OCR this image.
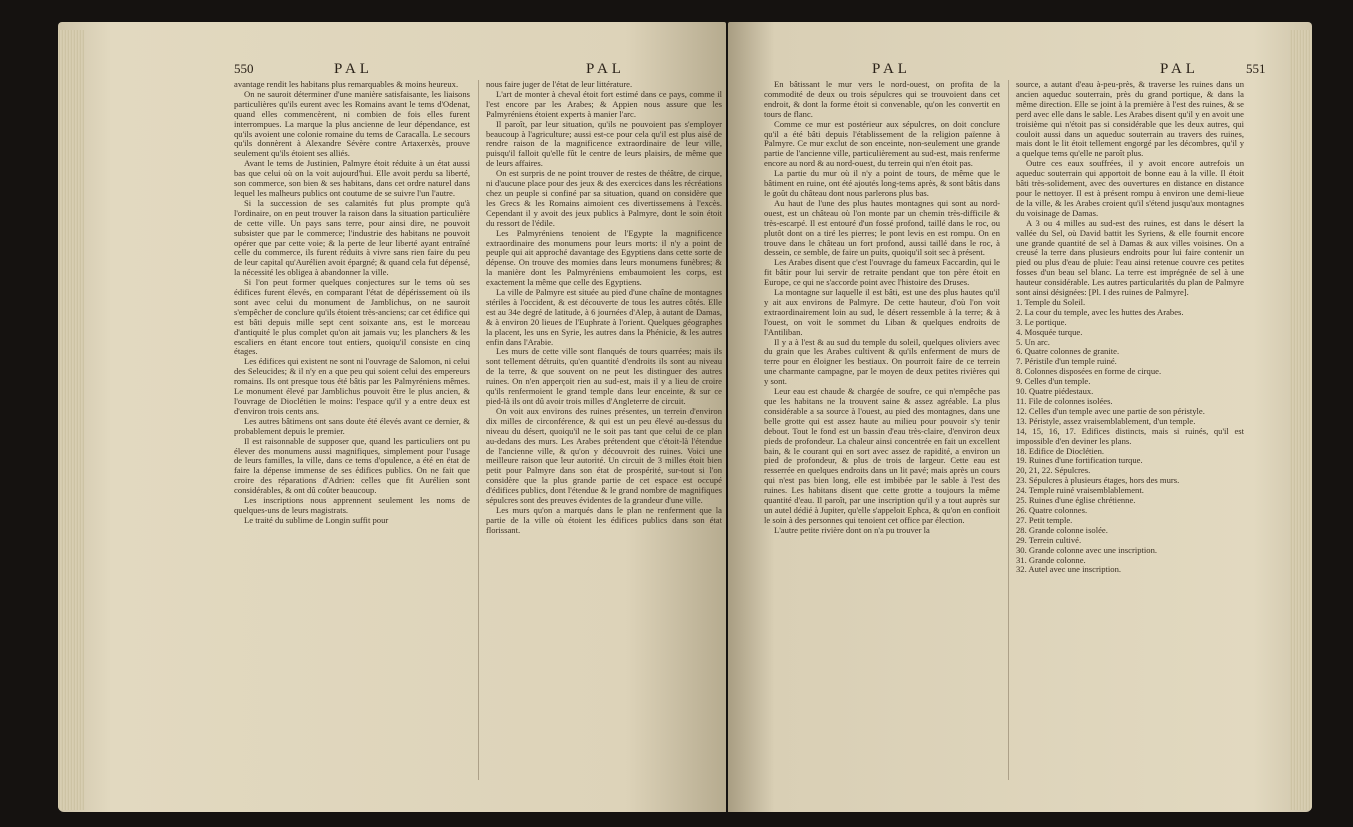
550	PAL	PAL

avantage rendit les habitans plus remarquables & moins heureux.

On ne sauroit déterminer d'une manière satisfaisante, les liaisons particulières qu'ils eurent avec les Romains avant le tems d'Odenat, quand elles commencèrent, ni combien de fois elles furent interrompues. La marque la plus ancienne de leur dépendance, est qu'ils avoient une colonie romaine du tems de Caracalla. Le secours qu'ils donnèrent à Alexandre Sévère contre Artaxerxès, prouve seulement qu'ils étoient ses alliés.

Avant le tems de Justinien, Palmyre étoit réduite à un état aussi bas que celui où on la voit aujourd'hui. Elle avoit perdu sa liberté, son commerce, son bien & ses habitans, dans cet ordre naturel dans lequel les malheurs publics ont coutume de se suivre l'un l'autre.

Si la succession de ses calamités fut plus prompte qu'à l'ordinaire, on en peut trouver la raison dans la situation particulière de cette ville. Un pays sans terre, pour ainsi dire, ne pouvoit subsister que par le commerce; l'industrie des habitans ne pouvoit opérer que par cette voie; & la perte de leur liberté ayant entraîné celle du commerce, ils furent réduits à vivre sans rien faire du peu de leur capital qu'Aurélien avoit épargné; & quand cela fut dépensé, la nécessité les obligea à abandonner la ville.

Si l'on peut former quelques conjectures sur le tems où ses édifices furent élevés, en comparant l'état de dépérissement où ils sont avec celui du monument de Jamblichus, on ne sauroit s'empêcher de conclure qu'ils étoient très-anciens; car cet édifice qui est bâti depuis mille sept cent soixante ans, est le morceau d'antiquité le plus complet qu'on ait jamais vu; les planchers & les escaliers en étant encore tout entiers, quoiqu'il consiste en cinq étages.

Les édifices qui existent ne sont ni l'ouvrage de Salomon, ni celui des Seleucides; & il n'y en a que peu qui soient celui des empereurs romains. Ils ont presque tous été bâtis par les Palmyréniens mêmes. Le monument élevé par Jamblichus pouvoit être le plus ancien, & l'ouvrage de Dioclétien le moins: l'espace qu'il y a entre deux est d'environ trois cents ans.

Les autres bâtimens ont sans doute été élevés avant ce dernier, & probablement depuis le premier.

Il est raisonnable de supposer que, quand les particuliers ont pu élever des monumens aussi magnifiques, simplement pour l'usage de leurs familles, la ville, dans ce tems d'opulence, a été en état de faire la dépense immense de ses édifices publics. On ne fait que croire des réparations d'Adrien: celles que fit Aurélien sont considérables, & ont dû coûter beaucoup.

Les inscriptions nous apprennent seulement les noms de quelques-uns de leurs magistrats.

Le traité du sublime de Longin suffit pour

nous faire juger de l'état de leur littérature.

L'art de monter à cheval étoit fort estimé dans ce pays, comme il l'est encore par les Arabes; & Appien nous assure que les Palmyréniens étoient experts à manier l'arc.

Il paroît, par leur situation, qu'ils ne pouvoient pas s'employer beaucoup à l'agriculture; aussi est-ce pour cela qu'il est plus aisé de rendre raison de la magnificence extraordinaire de leur ville, puisqu'il falloit qu'elle fût le centre de leurs plaisirs, de même que de leurs affaires.

On est surpris de ne point trouver de restes de théâtre, de cirque, ni d'aucune place pour des jeux & des exercices dans les récréations chez un peuple si confiné par sa situation, quand on considère que les Grecs & les Romains aimoient ces divertissemens à l'excès. Cependant il y avoit des jeux publics à Palmyre, dont le soin étoit du ressort de l'édile.

Les Palmyréniens tenoient de l'Egypte la magnificence extraordinaire des monumens pour leurs morts: il n'y a point de peuple qui ait approché davantage des Egyptiens dans cette sorte de dépense. On trouve des momies dans leurs monumens funèbres; & la manière dont les Palmyréniens embaumoient les corps, est exactement la même que celle des Egyptiens.

La ville de Palmyre est située au pied d'une chaîne de montagnes stériles à l'occident, & est découverte de tous les autres côtés. Elle est au 34e degré de latitude, à 6 journées d'Alep, à autant de Damas, & à environ 20 lieues de l'Euphrate à l'orient. Quelques géographes la placent, les uns en Syrie, les autres dans la Phénicie, & les autres enfin dans l'Arabie.

Les murs de cette ville sont flanqués de tours quarrées; mais ils sont tellement détruits, qu'en quantité d'endroits ils sont au niveau de la terre, & que souvent on ne peut les distinguer des autres ruines. On n'en apperçoit rien au sud-est, mais il y a lieu de croire qu'ils renfermoient le grand temple dans leur enceinte, & sur ce pied-là ils ont dû avoir trois milles d'Angleterre de circuit.

On voit aux environs des ruines présentes, un terrein d'environ dix milles de circonférence, & qui est un peu élevé au-dessus du niveau du désert, quoiqu'il ne le soit pas tant que celui de ce plan au-dedans des murs. Les Arabes prétendent que c'étoit-là l'étendue de l'ancienne ville, & qu'on y découvroit des ruines. Voici une meilleure raison que leur autorité. Un circuit de 3 milles étoit bien petit pour Palmyre dans son état de prospérité, sur-tout si l'on considère que la plus grande partie de cet espace est occupé d'édifices publics, dont l'étendue & le grand nombre de magnifiques sépulcres sont des preuves évidentes de la grandeur d'une ville.

Les murs qu'on a marqués dans le plan ne renferment que la partie de la ville où étoient les édifices publics dans son état florissant.

PAL	PAL	551

En bâtissant le mur vers le nord-ouest, on profita de la commodité de deux ou trois sépulcres qui se trouvoient dans cet endroit, & dont la forme étoit si convenable, qu'on les convertit en tours de flanc.

Comme ce mur est postérieur aux sépulcres, on doit conclure qu'il a été bâti depuis l'établissement de la religion païenne à Palmyre. Ce mur exclut de son enceinte, non-seulement une grande partie de l'ancienne ville, particulièrement au sud-est, mais renferme encore au nord & au nord-ouest, du terrein qui n'en étoit pas.

La partie du mur où il n'y a point de tours, de même que le bâtiment en ruine, ont été ajoutés long-tems après, & sont bâtis dans le goût du château dont nous parlerons plus bas.

Au haut de l'une des plus hautes montagnes qui sont au nord-ouest, est un château où l'on monte par un chemin très-difficile & très-escarpé. Il est entouré d'un fossé profond, taillé dans le roc, ou plutôt dont on a tiré les pierres; le pont levis en est rompu. On en trouve dans le château un fort profond, aussi taillé dans le roc, à dessein, ce semble, de faire un puits, quoiqu'il soit sec à présent.

Les Arabes disent que c'est l'ouvrage du fameux Faccardin, qui le fit bâtir pour lui servir de retraite pendant que ton père étoit en Europe, ce qui ne s'accorde point avec l'histoire des Druses.

La montagne sur laquelle il est bâti, est une des plus hautes qu'il y ait aux environs de Palmyre. De cette hauteur, d'où l'on voit extraordinairement loin au sud, le désert ressemble à la terre; & à l'ouest, on voit le sommet du Liban & quelques endroits de l'Antiliban.

Il y a à l'est & au sud du temple du soleil, quelques oliviers avec du grain que les Arabes cultivent & qu'ils enferment de murs de terre pour en éloigner les bestiaux. On pourroit faire de ce terrein une charmante campagne, par le moyen de deux petites rivières qui y sont.

Leur eau est chaude & chargée de soufre, ce qui n'empêche pas que les habitans ne la trouvent saine & assez agréable. La plus considérable a sa source à l'ouest, au pied des montagnes, dans une belle grotte qui est assez haute au milieu pour pouvoir s'y tenir debout. Tout le fond est un bassin d'eau très-claire, d'environ deux pieds de profondeur. La chaleur ainsi concentrée en fait un excellent bain, & le courant qui en sort avec assez de rapidité, a environ un pied de profondeur, & plus de trois de largeur. Cette eau est resserrée en quelques endroits dans un lit pavé; mais après un cours qui n'est pas bien long, elle est imbibée par le sable à l'est des ruines. Les habitans disent que cette grotte a toujours la même quantité d'eau. Il paroît, par une inscription qu'il y a tout auprès sur un autel dédié à Jupiter, qu'elle s'appeloit Ephca, & qu'on en confioit le soin à des personnes qui tenoient cet office par élection.

L'autre petite rivière dont on n'a pu trouver la

source, a autant d'eau à-peu-près, & traverse les ruines dans un ancien aqueduc souterrain, près du grand portique, & dans la même direction. Elle se joint à la première à l'est des ruines, & se perd avec elle dans le sable. Les Arabes disent qu'il y en avoit une troisième qui n'étoit pas si considérable que les deux autres, qui couloit aussi dans un aqueduc souterrain au travers des ruines, mais dont le lit étoit tellement engorgé par les décombres, qu'il y a quelque tems qu'elle ne paroît plus.

Outre ces eaux souffrées, il y avoit encore autrefois un aqueduc souterrain qui apportoit de bonne eau à la ville. Il étoit bâti très-solidement, avec des ouvertures en distance en distance pour le nettoyer. Il est à présent rompu à environ une demi-lieue de la ville, & les Arabes croient qu'il s'étend jusqu'aux montagnes du voisinage de Damas.

A 3 ou 4 milles au sud-est des ruines, est dans le désert la vallée du Sel, où David battit les Syriens, & elle fournit encore une grande quantité de sel à Damas & aux villes voisines. On a creusé la terre dans plusieurs endroits pour lui faire contenir un pied ou plus d'eau de pluie: l'eau ainsi retenue couvre ces petites fosses d'un beau sel blanc. La terre est imprégnée de sel à une hauteur considérable. Les autres particularités du plan de Palmyre sont ainsi désignées: [Pl. I des ruines de Palmyre].

1. Temple du Soleil.
2. La cour du temple, avec les huttes des Arabes.
3. Le portique.
4. Mosquée turque.
5. Un arc.
6. Quatre colonnes de granite.
7. Péristile d'un temple ruiné.
8. Colonnes disposées en forme de cirque.
9. Celles d'un temple.
10. Quatre piédestaux.
11. File de colonnes isolées.
12. Celles d'un temple avec une partie de son péristyle.
13. Péristyle, assez vraisemblablement, d'un temple.
14, 15, 16, 17. Edifices distincts, mais si ruinés, qu'il est impossible d'en deviner les plans.
18. Edifice de Dioclétien.
19. Ruines d'une fortification turque.
20, 21, 22. Sépulcres.
23. Sépulcres à plusieurs étages, hors des murs.
24. Temple ruiné vraisemblablement.
25. Ruines d'une église chrétienne.
26. Quatre colonnes.
27. Petit temple.
28. Grande colonne isolée.
29. Terrein cultivé.
30. Grande colonne avec une inscription.
31. Grande colonne.
32. Autel avec une inscription.
